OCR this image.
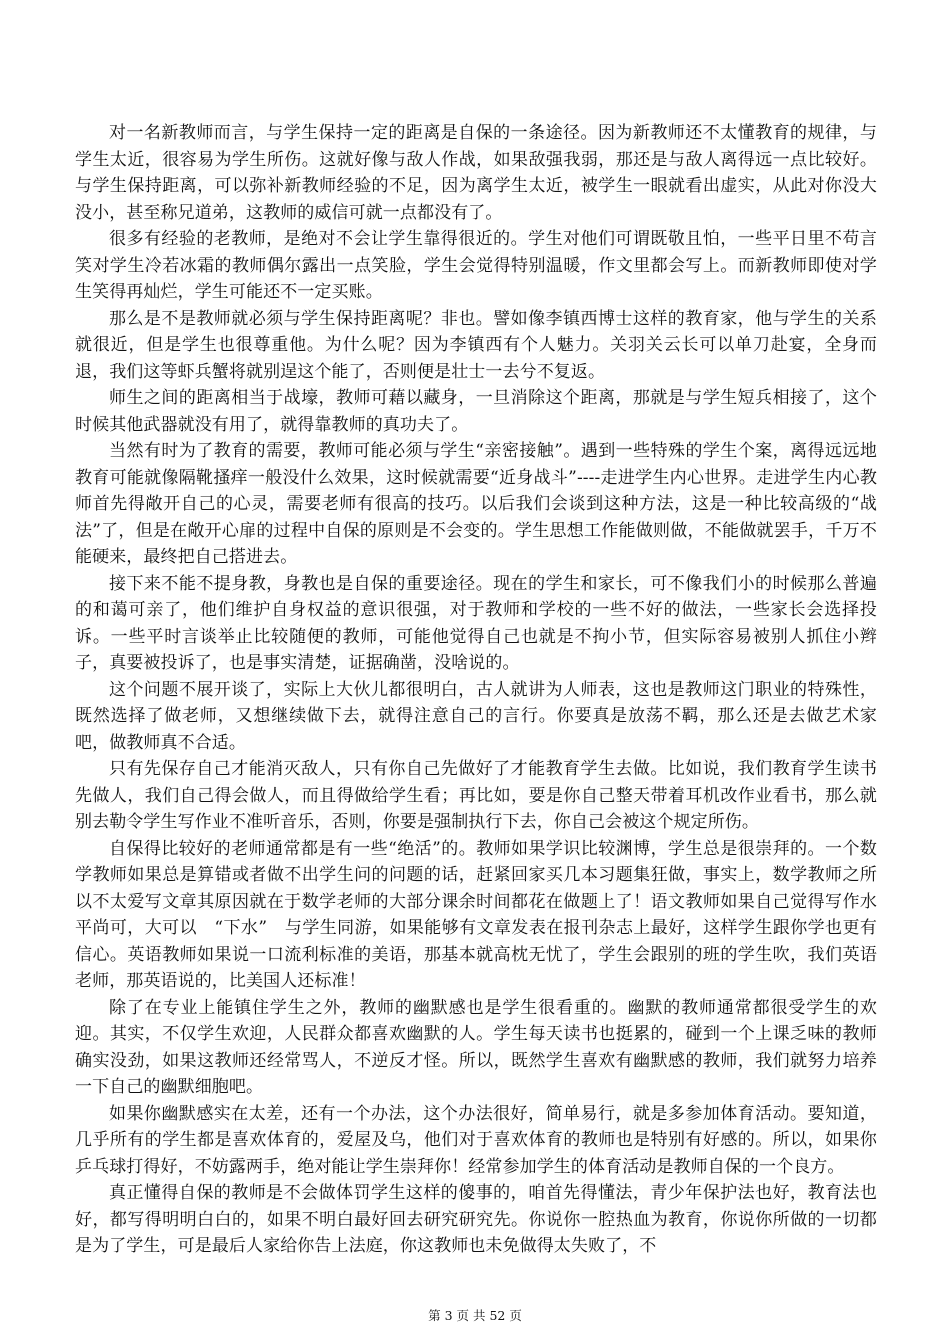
对一名新教师而言，与学生保持一定的距离是自保的一条途径。因为新教师还不太懂教育的规律，与学生太近，很容易为学生所伤。这就好像与敌人作战，如果敌强我弱，那还是与敌人离得远一点比较好。与学生保持距离，可以弥补新教师经验的不足，因为离学生太近，被学生一眼就看出虚实，从此对你没大没小，甚至称兄道弟，这教师的威信可就一点都没有了。

很多有经验的老教师，是绝对不会让学生靠得很近的。学生对他们可谓既敬且怕，一些平日里不苟言笑对学生冷若冰霜的教师偶尔露出一点笑脸，学生会觉得特别温暖，作文里都会写上。而新教师即使对学生笑得再灿烂，学生可能还不一定买账。

那么是不是教师就必须与学生保持距离呢？非也。譬如像李镇西博士这样的教育家，他与学生的关系就很近，但是学生也很尊重他。为什么呢？因为李镇西有个人魅力。关羽关云长可以单刀赴宴，全身而退，我们这等虾兵蟹将就别逞这个能了，否则便是壮士一去兮不复返。

师生之间的距离相当于战壕，教师可藉以藏身，一旦消除这个距离，那就是与学生短兵相接了，这个时候其他武器就没有用了，就得靠教师的真功夫了。

当然有时为了教育的需要，教师可能必须与学生“亲密接触”。遇到一些特殊的学生个案，离得远远地教育可能就像隔靴搔痒一般没什么效果，这时候就需要“近身战斗”----走进学生内心世界。走进学生内心教师首先得敞开自己的心灵，需要老师有很高的技巧。以后我们会谈到这种方法，这是一种比较高级的“战法”了，但是在敞开心扉的过程中自保的原则是不会变的。学生思想工作能做则做，不能做就罢手，千万不能硬来，最终把自己搭进去。

接下来不能不提身教，身教也是自保的重要途径。现在的学生和家长，可不像我们小的时候那么普遍的和蔼可亲了，他们维护自身权益的意识很强，对于教师和学校的一些不好的做法，一些家长会选择投诉。一些平时言谈举止比较随便的教师，可能他觉得自己也就是不拘小节，但实际容易被别人抓住小辫子，真要被投诉了，也是事实清楚，证据确凿，没啥说的。

这个问题不展开谈了，实际上大伙儿都很明白，古人就讲为人师表，这也是教师这门职业的特殊性，既然选择了做老师，又想继续做下去，就得注意自己的言行。你要真是放荡不羁，那么还是去做艺术家吧，做教师真不合适。

只有先保存自己才能消灭敌人，只有你自己先做好了才能教育学生去做。比如说，我们教育学生读书先做人，我们自己得会做人，而且得做给学生看；再比如，要是你自己整天带着耳机改作业看书，那么就别去勒令学生写作业不准听音乐，否则，你要是强制执行下去，你自己会被这个规定所伤。

自保得比较好的老师通常都是有一些“绝活”的。教师如果学识比较渊博，学生总是很崇拜的。一个数学教师如果总是算错或者做不出学生问的问题的话，赶紧回家买几本习题集狂做，事实上，数学教师之所以不太爱写文章其原因就在于数学老师的大部分课余时间都花在做题上了！语文教师如果自己觉得写作水平尚可，大可以　“下水”　与学生同游，如果能够有文章发表在报刊杂志上最好，这样学生跟你学也更有信心。英语教师如果说一口流利标准的美语，那基本就高枕无忧了，学生会跟别的班的学生吹，我们英语老师，那英语说的，比美国人还标准！

除了在专业上能镇住学生之外，教师的幽默感也是学生很看重的。幽默的教师通常都很受学生的欢迎。其实，不仅学生欢迎，人民群众都喜欢幽默的人。学生每天读书也挺累的，碰到一个上课乏味的教师确实没劲，如果这教师还经常骂人，不逆反才怪。所以，既然学生喜欢有幽默感的教师，我们就努力培养一下自己的幽默细胞吧。

如果你幽默感实在太差，还有一个办法，这个办法很好，简单易行，就是多参加体育活动。要知道，几乎所有的学生都是喜欢体育的，爱屋及乌，他们对于喜欢体育的教师也是特别有好感的。所以，如果你乒乓球打得好，不妨露两手，绝对能让学生崇拜你！经常参加学生的体育活动是教师自保的一个良方。

真正懂得自保的教师是不会做体罚学生这样的傻事的，咱首先得懂法，青少年保护法也好，教育法也好，都写得明明白白的，如果不明白最好回去研究研究先。你说你一腔热血为教育，你说你所做的一切都是为了学生，可是最后人家给你告上法庭，你这教师也未免做得太失败了，不

第 3 页 共 52 页
